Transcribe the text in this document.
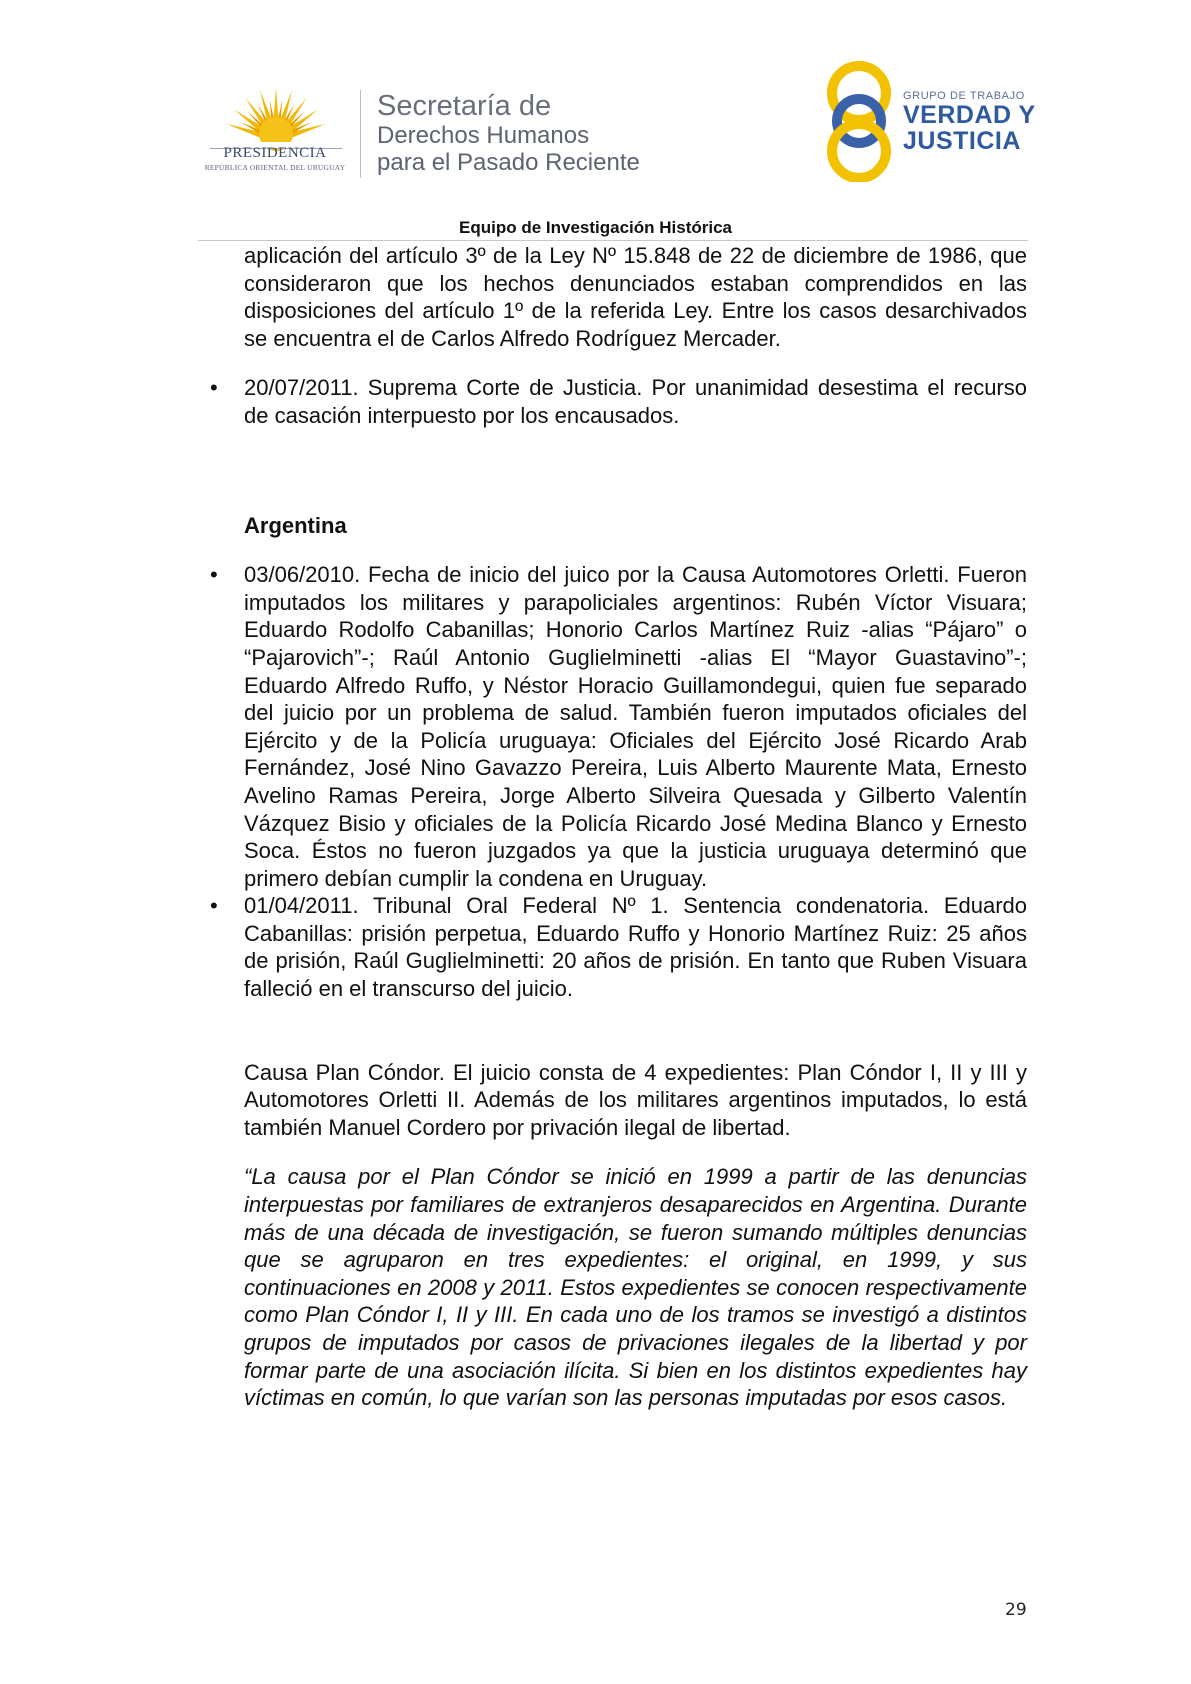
PRESIDENCIA
REPÚBLICA ORIENTAL DEL URUGUAY
Secretaría de
Derechos Humanos
para el Pasado Reciente
GRUPO DE TRABAJO
VERDAD Y
JUSTICIA
Equipo de Investigación Histórica

aplicación del artículo 3º de la Ley Nº 15.848 de 22 de diciembre de 1986, que consideraron que los hechos denunciados estaban comprendidos en las disposiciones del artículo 1º de la referida Ley. Entre los casos desarchivados se encuentra el de Carlos Alfredo Rodríguez Mercader.

• 20/07/2011. Suprema Corte de Justicia. Por unanimidad desestima el recurso de casación interpuesto por los encausados.

Argentina

• 03/06/2010. Fecha de inicio del juico por la Causa Automotores Orletti. Fueron imputados los militares y parapoliciales argentinos: Rubén Víctor Visuara; Eduardo Rodolfo Cabanillas; Honorio Carlos Martínez Ruiz -alias “Pájaro” o “Pajarovich”-; Raúl Antonio Guglielminetti -alias El “Mayor Guastavino”-; Eduardo Alfredo Ruffo, y Néstor Horacio Guillamondegui, quien fue separado del juicio por un problema de salud. También fueron imputados oficiales del Ejército y de la Policía uruguaya: Oficiales del Ejército José Ricardo Arab Fernández, José Nino Gavazzo Pereira, Luis Alberto Maurente Mata, Ernesto Avelino Ramas Pereira, Jorge Alberto Silveira Quesada y Gilberto Valentín Vázquez Bisio y oficiales de la Policía Ricardo José Medina Blanco y Ernesto Soca. Éstos no fueron juzgados ya que la justicia uruguaya determinó que primero debían cumplir la condena en Uruguay.
• 01/04/2011. Tribunal Oral Federal Nº 1. Sentencia condenatoria. Eduardo Cabanillas: prisión perpetua, Eduardo Ruffo y Honorio Martínez Ruiz: 25 años de prisión, Raúl Guglielminetti: 20 años de prisión. En tanto que Ruben Visuara falleció en el transcurso del juicio.

Causa Plan Cóndor. El juicio consta de 4 expedientes: Plan Cóndor I, II y III y Automotores Orletti II. Además de los militares argentinos imputados, lo está también Manuel Cordero por privación ilegal de libertad.

“La causa por el Plan Cóndor se inició en 1999 a partir de las denuncias interpuestas por familiares de extranjeros desaparecidos en Argentina. Durante más de una década de investigación, se fueron sumando múltiples denuncias que se agruparon en tres expedientes: el original, en 1999, y sus continuaciones en 2008 y 2011. Estos expedientes se conocen respectivamente como Plan Cóndor I, II y III. En cada uno de los tramos se investigó a distintos grupos de imputados por casos de privaciones ilegales de la libertad y por formar parte de una asociación ilícita. Si bien en los distintos expedientes hay víctimas en común, lo que varían son las personas imputadas por esos casos.

29
